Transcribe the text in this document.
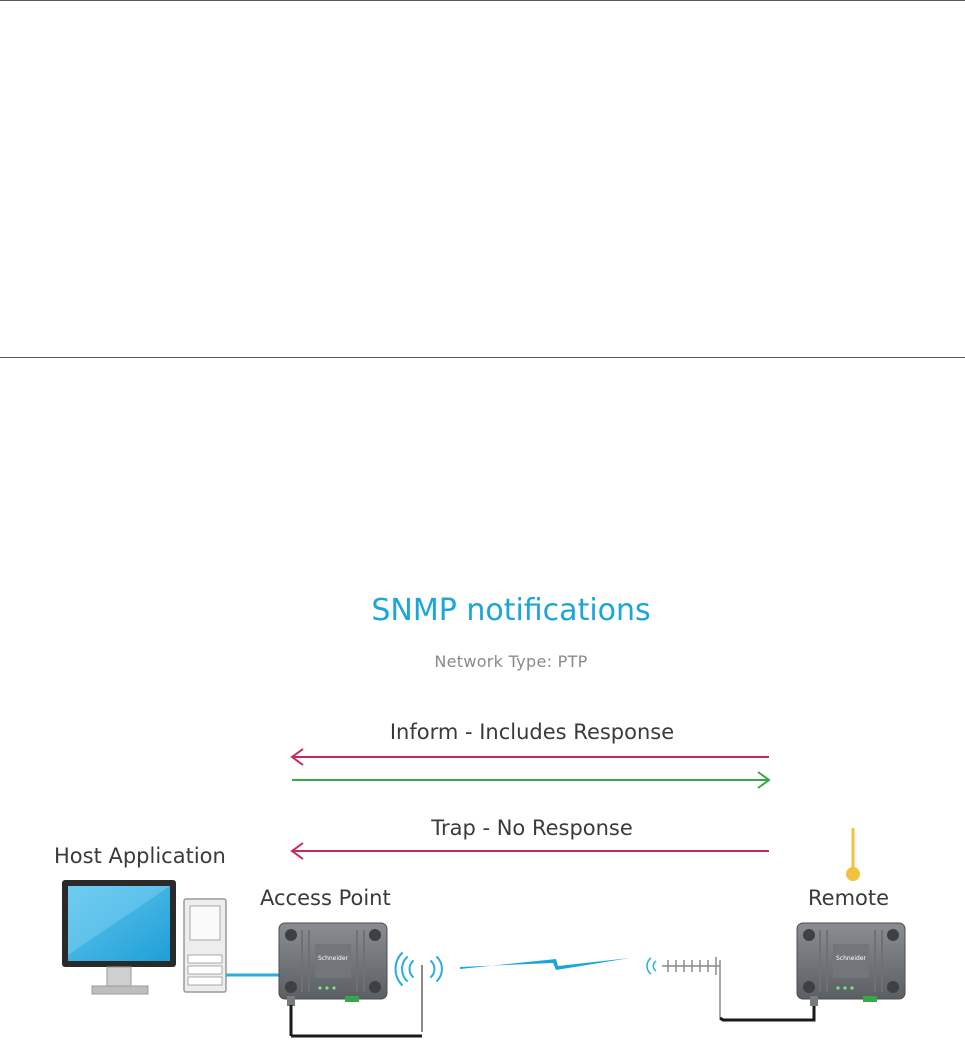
Schneider	Schneider
SNMP notifications
Network Type: PTP
Inform - Includes Response
Trap - No Response
Host Application
Access Point	Remote
